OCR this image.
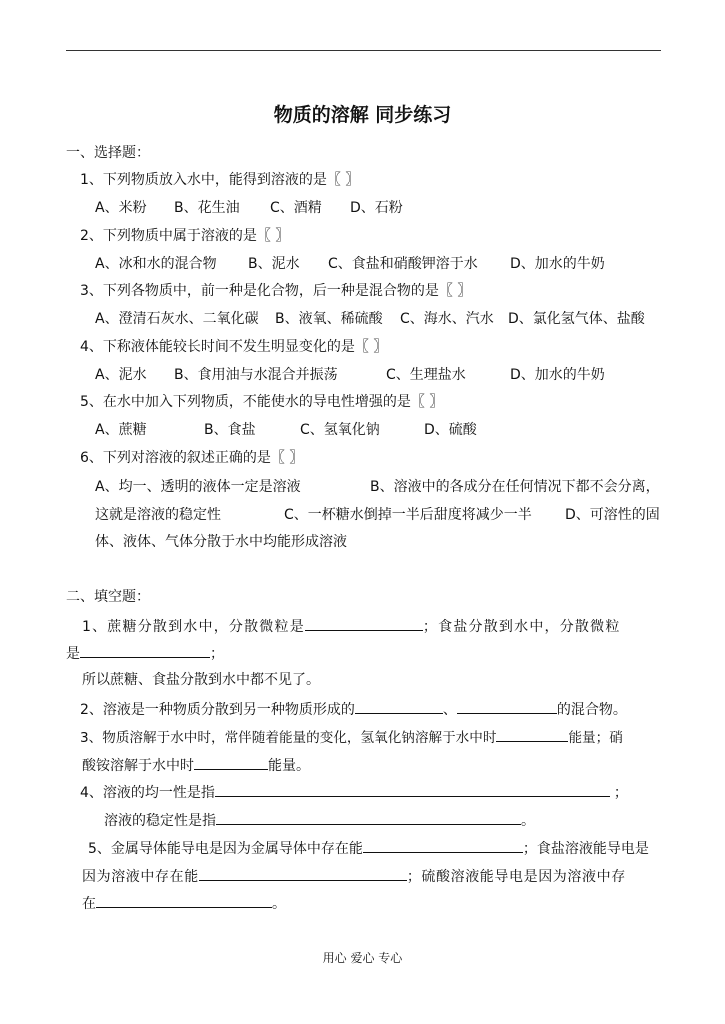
物质的溶解 同步练习
一、选择题：
1、下列物质放入水中，能得到溶液的是〖 〗
A、米粉 B、花生油 C、酒精 D、石粉
2、下列物质中属于溶液的是〖 〗
A、冰和水的混合物 B、泥水 C、食盐和硝酸钾溶于水 D、加水的牛奶
3、下列各物质中，前一种是化合物，后一种是混合物的是〖 〗
A、澄清石灰水、二氧化碳 B、液氧、稀硫酸 C、海水、汽水 D、氯化氢气体、盐酸
4、下称液体能较长时间不发生明显变化的是〖 〗
A、泥水 B、食用油与水混合并振荡	C、生理盐水	D、加水的牛奶
5、在水中加入下列物质，不能使水的导电性增强的是〖 〗
A、蔗糖	B、食盐	C、氢氧化钠	D、硫酸
6、下列对溶液的叙述正确的是〖 〗
A、均一、透明的液体一定是溶液	B、溶液中的各成分在任何情况下都不会分离，
这就是溶液的稳定性	C、一杯糖水倒掉一半后甜度将减少一半 D、可溶性的固
体、液体、气体分散于水中均能形成溶液
二、填空题：
1、蔗糖分散到水中，分散微粒是	；食盐分散到水中，分散微粒
是	；
所以蔗糖、食盐分散到水中都不见了。
2、溶液是一种物质分散到另一种物质形成的	、	的混合物。
3、物质溶解于水中时，常伴随着能量的变化，氢氧化钠溶解于水中时	能量；硝
酸铵溶解于水中时	能量。
4、溶液的均一性是指	；
溶液的稳定性是指	。
5、金属导体能导电是因为金属导体中存在能	；食盐溶液能导电是
因为溶液中存在能	；硫酸溶液能导电是因为溶液中存
在	。
用心 爱心 专心
